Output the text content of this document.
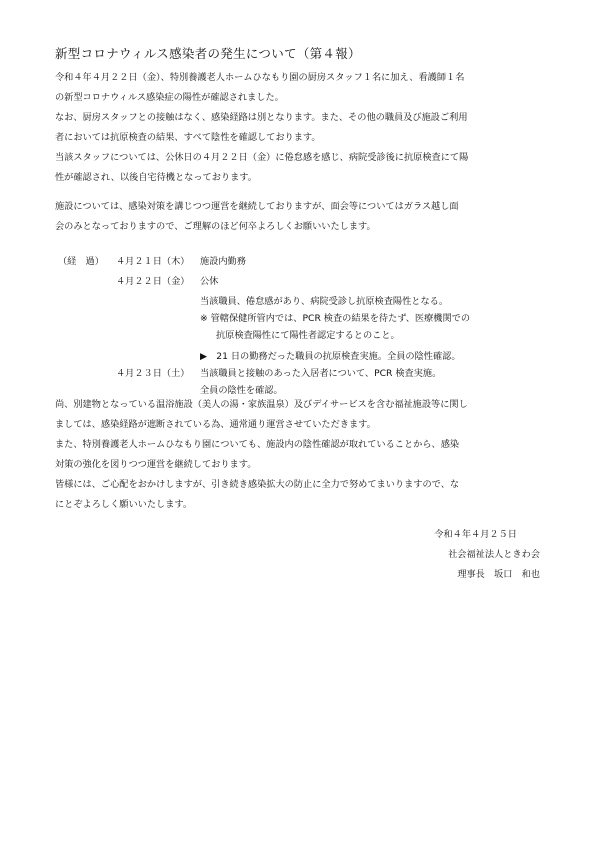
新型コロナウィルス感染者の発生について（第４報）
令和４年４月２２日（金）、特別養護老人ホームひなもり園の厨房スタッフ１名に加え、看護師１名
の新型コロナウィルス感染症の陽性が確認されました。
なお、厨房スタッフとの接触はなく、感染経路は別となります。また、その他の職員及び施設ご利用
者においては抗原検査の結果、すべて陰性を確認しております。
当該スタッフについては、公休日の４月２２日（金）に倦怠感を感じ、病院受診後に抗原検査にて陽
性が確認され、以後自宅待機となっております。
施設については、感染対策を講じつつ運営を継続しておりますが、面会等についてはガラス越し面
会のみとなっておりますので、ご理解のほど何卒よろしくお願いいたします。
（経　過） ４月２１日（木） 施設内勤務
４月２２日（金） 公休
当該職員、倦怠感があり、病院受診し抗原検査陽性となる。
※ 管轄保健所管内では、PCR 検査の結果を待たず、医療機関での
抗原検査陽性にて陽性者認定するとのこと。
▶　21 日の勤務だった職員の抗原検査実施。全員の陰性確認。
４月２３日（土） 当該職員と接触のあった入居者について、PCR 検査実施。
全員の陰性を確認。
尚、別建物となっている温浴施設（美人の湯・家族温泉）及びデイサービスを含む福祉施設等に関し
ましては、感染経路が遮断されている為、通常通り運営させていただきます。
また、特別養護老人ホームひなもり園についても、施設内の陰性確認が取れていることから、感染
対策の強化を図りつつ運営を継続しております。
皆様には、ご心配をおかけしますが、引き続き感染拡大の防止に全力で努めてまいりますので、な
にとぞよろしく願いいたします。
令和４年４月２５日
社会福祉法人ときわ会
理事長　坂口　和也
